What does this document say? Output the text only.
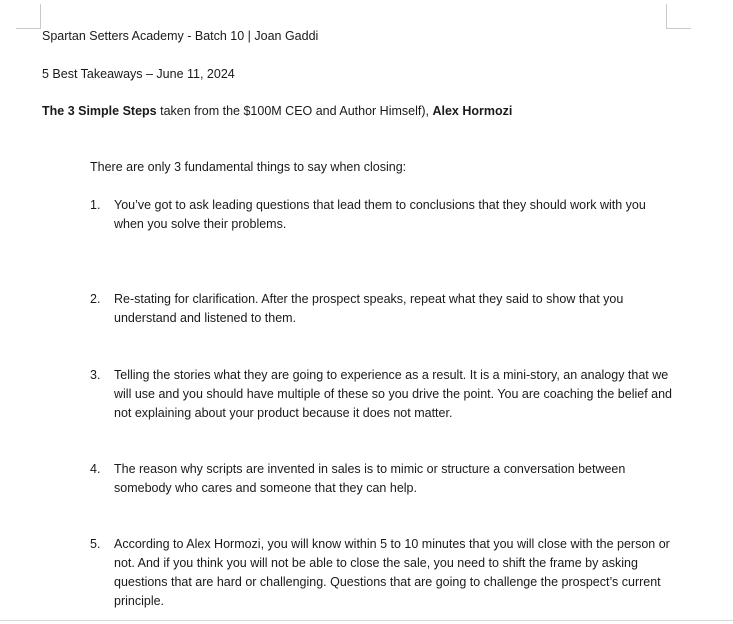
Spartan Setters Academy - Batch 10 | Joan Gaddi
5 Best Takeaways – June 11, 2024
The 3 Simple Steps taken from the $100M CEO and Author Himself), Alex Hormozi
There are only 3 fundamental things to say when closing:
1.	You’ve got to ask leading questions that lead them to conclusions that they should work with you when you solve their problems.
2.	Re-stating for clarification. After the prospect speaks, repeat what they said to show that you understand and listened to them.
3.	Telling the stories what they are going to experience as a result. It is a mini-story, an analogy that we will use and you should have multiple of these so you drive the point. You are coaching the belief and not explaining about your product because it does not matter.
4.	The reason why scripts are invented in sales is to mimic or structure a conversation between somebody who cares and someone that they can help.
5.	According to Alex Hormozi, you will know within 5 to 10 minutes that you will close with the person or not. And if you think you will not be able to close the sale, you need to shift the frame by asking questions that are hard or challenging. Questions that are going to challenge the prospect’s current principle.
